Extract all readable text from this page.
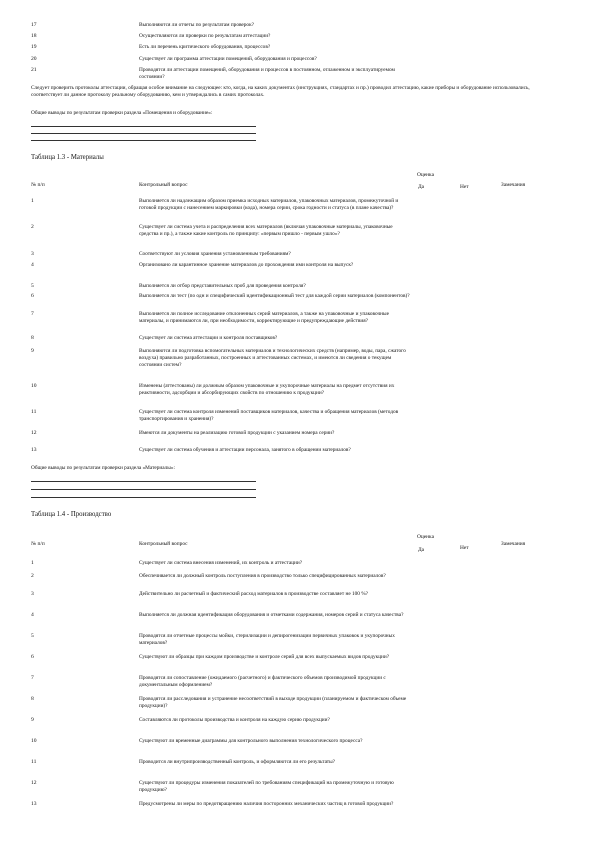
17	Выполняются ли отчеты по результатам проверок?
18	Осуществляются ли проверки по результатам аттестации?
19	Есть ли перечень критического оборудования, процессов?
20	Существует ли программа аттестации помещений, оборудования и процессов?
21	Проводятся ли аттестации помещений, оборудования и процессов в постоянном, отлаженном и эксплуатируемом состоянии?
Следует проверить протоколы аттестации, обращая особое внимание на следующее: кто, когда, на каких документах (инструкциях, стандартах и пр.) проводил аттестацию, какие приборы и оборудование использовались, соответствует ли данное протоколу реальному оборудованию, кем и утверждались в самих протоколах.
Общие выводы по результатам проверки раздела «Помещения и оборудование»:
Таблица 1.3 - Материалы
№ п/п	Контрольный вопрос
Оценка
Да	Нет	Замечания
1	Выполняется ли надлежащим образом приемка исходных материалов, упаковочных материалов, промежуточной и готовой продукции с нанесением маркировки (кода), номера серии, срока годности и статуса (в плане качества)?
2	Существует ли система учета и распределения всех материалов (включая упаковочные материалы, упаковочные средства и пр.), а также какие контроль по принципу: «первым пришло - первым ушло»?
3	Соответствуют ли условия хранения установленным требованиям?
4	Организовано ли карантинное хранение материалов до прохождения ими контроля на выпуск?
5	Выполняется ли отбор представительных проб для проведения контроля?
6	Выполняется ли тест (по одн и специфический идентификационный тест для каждой серии материалов (компонентов)?
7	Выполняется ли полное исследование отклоненных серий материалов, а также на упаковочные и упаковочные материалы, и принимаются ли, при необходимости, корректирующие и предупреждающие действия?
8	Существует ли система аттестации и контроля поставщиков?
9	Выполняются ли подготовка вспомогательных материалов и технологических средств (например, воды, пара, сжатого воздуха) правильно разработанных, построенных и аттестованных системах, и имеются ли сведения о текущем состоянии систем?
10	Изменены (аттестованы) ли должным образом упаковочные и укупорочные материалы на предмет отсутствия их реактивности, адсорбции и абсорбирующих свойств по отношению к продукции?
11	Существует ли система контроля изменений поставщиков материалов, качества и обращения материалов (методов транспортирования и хранения)?
12	Имеются ли документы на реализацию готовой продукции с указанием номера серии?
13	Существует ли система обучения и аттестации персонала, занятого в обращении материалов?
Общие выводы по результатам проверки раздела «Материалы»:
Таблица 1.4 - Производство
№ п/п	Контрольный вопрос
Оценка
Да	Нет
Замечания
1	Существует ли система внесения изменений, их контроль и аттестации?
2	Обеспечивается ли должный контроль поступления в производство только специфицированных материалов?
3	Действительно ли расчетный и фактический расход материалов в производстве составляет не 100 %?
4	Выполняется ли должная идентификация оборудования и отметками содержания, номеров серий и статуса качества?
5	Проводятся ли отчетные процессы мойки, стерилизации и депирогенизации первичных упаковок и укупорочных материалов?
6	Существуют ли образцы при каждом производстве и контроле серий для всех выпускаемых видов продукции?
7	Проводятся ли сопоставление (ожидаемого (расчетного) и фактического объемов производимой продукции с документальным оформлением?
8	Проводятся ли расследования и устранение несоответствий в выходе продукции (планируемом и фактическом объеме продукции)?
9	Составляются ли протоколы производства и контроля на каждую серию продукции?
10	Существуют ли временные диаграммы для контрольного выполнения технологического процесса?
11	Проводится ли внутрипроизводственный контроль, и оформляются ли его результаты?
12	Существуют ли процедуры изменения показателей по требованиям спецификаций на промежуточную и готовую продукцию?
13	Предусмотрены ли меры по предотвращению наличия посторонних механических частиц в готовой продукции?
